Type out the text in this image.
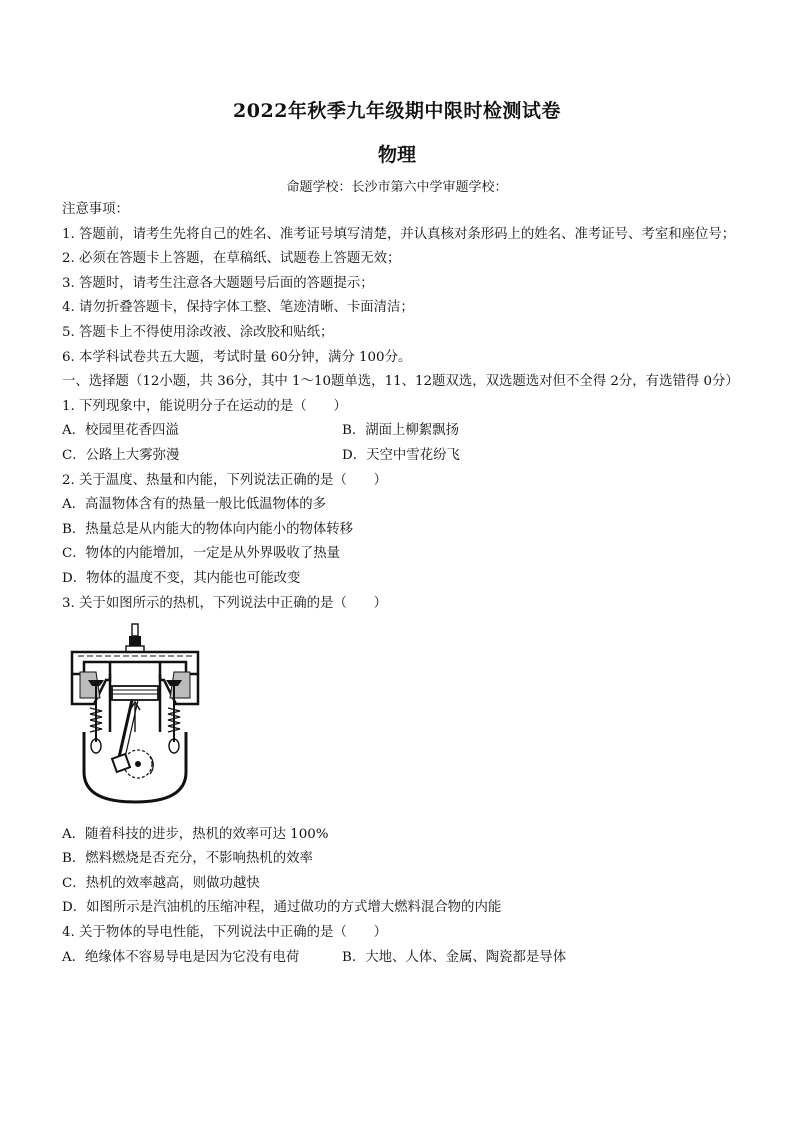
2022年秋季九年级期中限时检测试卷
物理
命题学校：长沙市第六中学审题学校：
注意事项：
1. 答题前，请考生先将自己的姓名、准考证号填写清楚，并认真核对条形码上的姓名、准考证号、考室和座位号；
2. 必须在答题卡上答题，在草稿纸、试题卷上答题无效；
3. 答题时，请考生注意各大题题号后面的答题提示；
4. 请勿折叠答题卡，保持字体工整、笔迹清晰、卡面清洁；
5. 答题卡上不得使用涂改液、涂改胶和贴纸；
6. 本学科试卷共五大题，考试时量 60分钟，满分 100分。
一、选择题（12小题，共 36分，其中 1～10题单选，11、12题双选，双选题选对但不全得 2分，有选错得 0分）
1. 下列现象中，能说明分子在运动的是（　　）
A．校园里花香四溢	B．湖面上柳絮飘扬
C．公路上大雾弥漫	D．天空中雪花纷飞
2. 关于温度、热量和内能，下列说法正确的是（　　）
A．高温物体含有的热量一般比低温物体的多
B．热量总是从内能大的物体向内能小的物体转移
C．物体的内能增加，一定是从外界吸收了热量
D．物体的温度不变，其内能也可能改变
3. 关于如图所示的热机，下列说法中正确的是（　　）
A．随着科技的进步，热机的效率可达 100%
B．燃料燃烧是否充分，不影响热机的效率
C．热机的效率越高，则做功越快
D．如图所示是汽油机的压缩冲程，通过做功的方式增大燃料混合物的内能
4. 关于物体的导电性能，下列说法中正确的是（　　）
A．绝缘体不容易导电是因为它没有电荷	B．大地、人体、金属、陶瓷都是导体
